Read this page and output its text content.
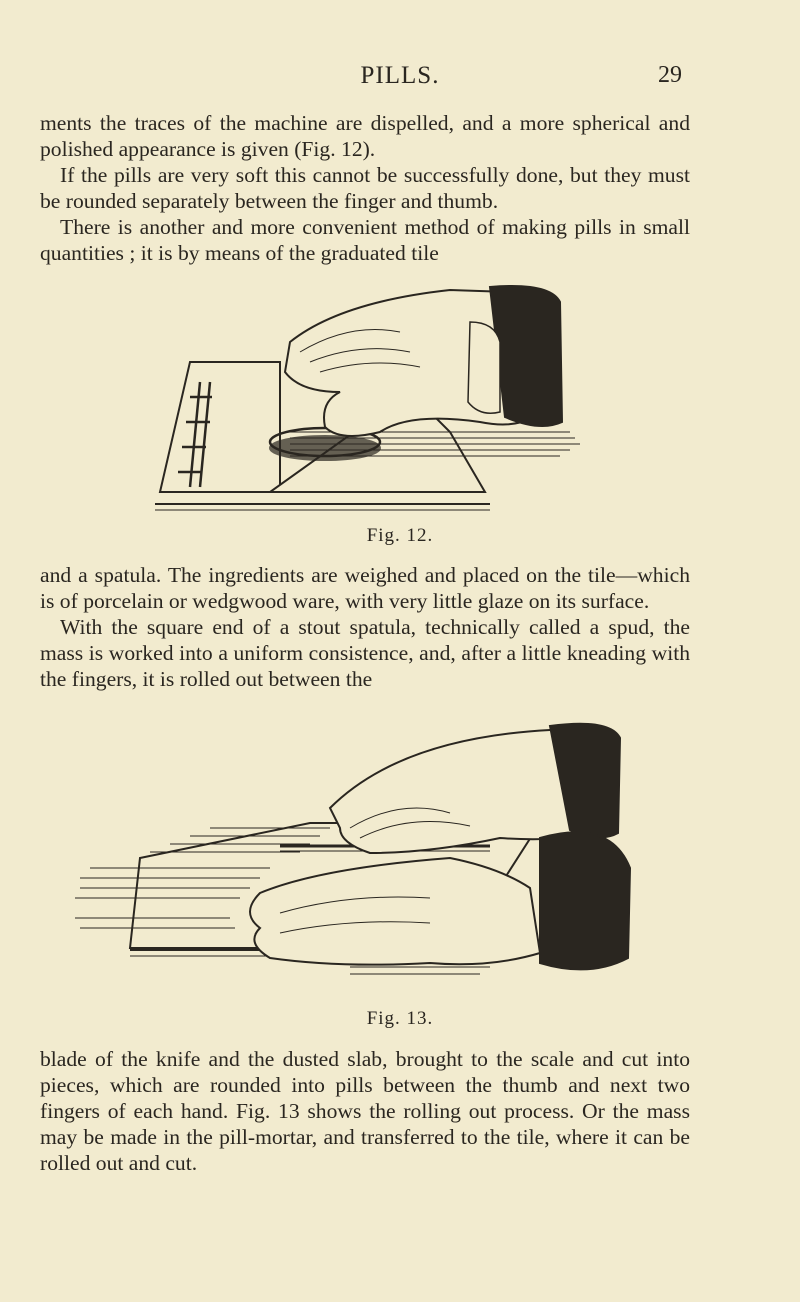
PILLS.	29

ments the traces of the machine are dispelled, and a more spherical and polished appearance is given (Fig. 12).

If the pills are very soft this cannot be successfully done, but they must be rounded separately between the finger and thumb.

There is another and more convenient method of making pills in small quantities ; it is by means of the graduated tile

Fig. 12.

and a spatula. The ingredients are weighed and placed on the tile—which is of porcelain or wedgwood ware, with very little glaze on its surface.

With the square end of a stout spatula, technically called a spud, the mass is worked into a uniform consistence, and, after a little kneading with the fingers, it is rolled out between the

Fig. 13.

blade of the knife and the dusted slab, brought to the scale and cut into pieces, which are rounded into pills between the thumb and next two fingers of each hand. Fig. 13 shows the rolling out process. Or the mass may be made in the pill-mortar, and transferred to the tile, where it can be rolled out and cut.
